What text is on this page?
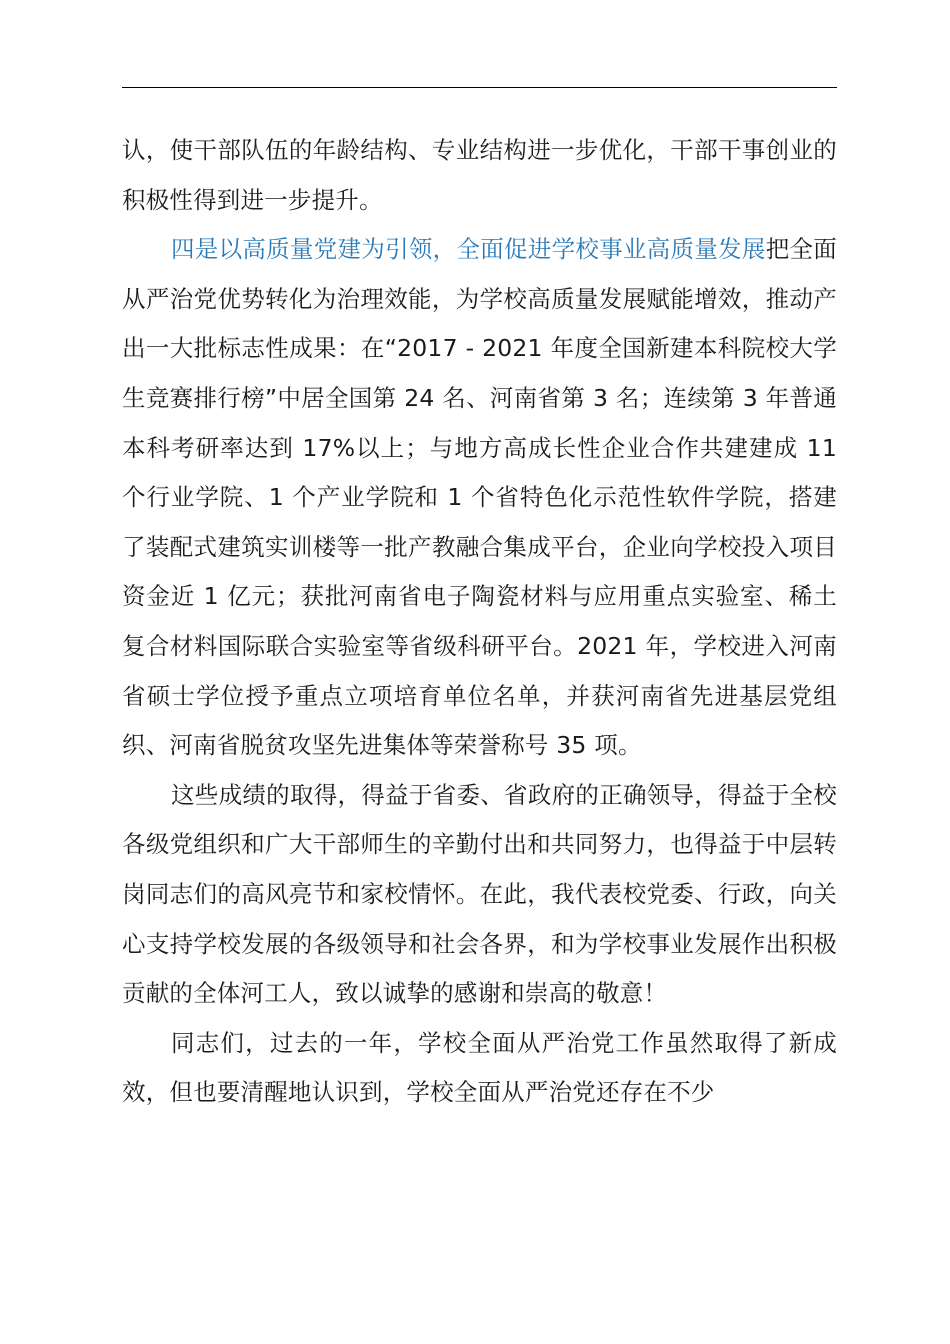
认，使干部队伍的年龄结构、专业结构进一步优化，干部干事创业的积极性得到进一步提升。

四是以高质量党建为引领，全面促进学校事业高质量发展把全面从严治党优势转化为治理效能，为学校高质量发展赋能增效，推动产出一大批标志性成果：在“2017 - 2021 年度全国新建本科院校大学生竞赛排行榜”中居全国第 24 名、河南省第 3 名；连续第 3 年普通本科考研率达到 17%以上；与地方高成长性企业合作共建建成 11 个行业学院、1 个产业学院和 1 个省特色化示范性软件学院，搭建了装配式建筑实训楼等一批产教融合集成平台，企业向学校投入项目资金近 1 亿元；获批河南省电子陶瓷材料与应用重点实验室、稀土复合材料国际联合实验室等省级科研平台。2021 年，学校进入河南省硕士学位授予重点立项培育单位名单，并获河南省先进基层党组织、河南省脱贫攻坚先进集体等荣誉称号 35 项。

这些成绩的取得，得益于省委、省政府的正确领导，得益于全校各级党组织和广大干部师生的辛勤付出和共同努力，也得益于中层转岗同志们的高风亮节和家校情怀。在此，我代表校党委、行政，向关心支持学校发展的各级领导和社会各界，和为学校事业发展作出积极贡献的全体河工人，致以诚挚的感谢和崇高的敬意！

同志们，过去的一年，学校全面从严治党工作虽然取得了新成效，但也要清醒地认识到，学校全面从严治党还存在不少
